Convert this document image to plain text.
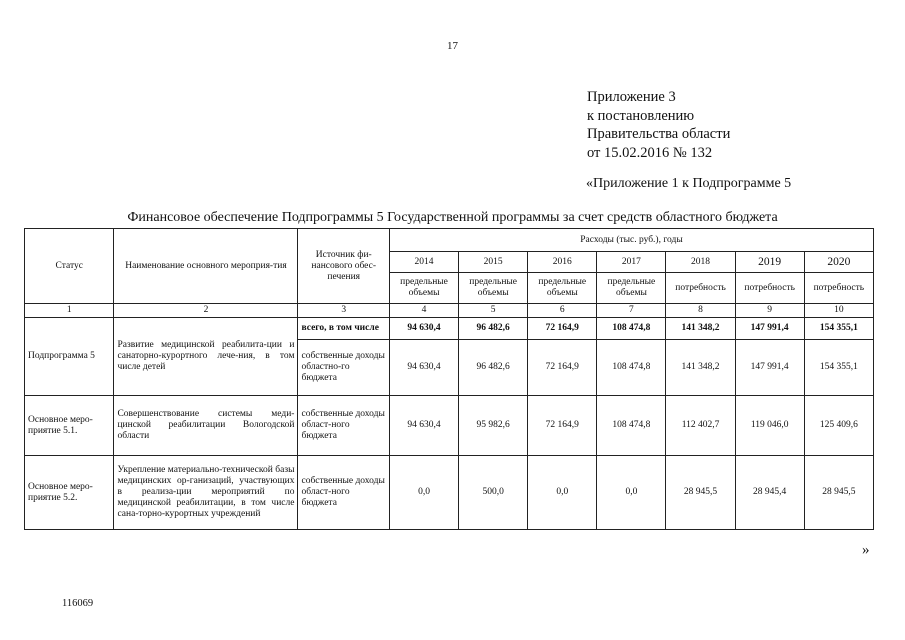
17
Приложение 3
к постановлению
Правительства области
от 15.02.2016 № 132
«Приложение 1 к Подпрограмме 5
Финансовое обеспечение Подпрограммы 5 Государственной программы за счет средств областного бюджета
Статус	Наименование основного мероприя-тия	Источник фи-нансового обес-печения	Расходы (тыс. руб.), годы						
			2014	2015	2016	2017	2018	2019	2020
			предельные объемы	предельные объемы	предельные объемы	предельные объемы	потребность	потребность	потребность
1	2	3	4	5	6	7	8	9	10
Подпрограмма 5	Развитие медицинской реабилита-ции и санаторно-курортного лече-ния, в том числе детей	всего, в том числе	94 630,4	96 482,6	72 164,9	108 474,8	141 348,2	147 991,4	154 355,1
		собственные доходы областно-го бюджета	94 630,4	96 482,6	72 164,9	108 474,8	141 348,2	147 991,4	154 355,1
Основное меро-приятие 5.1.	Совершенствование системы меди-цинской реабилитации Вологодской области	собственные доходы област-ного бюджета	94 630,4	95 982,6	72 164,9	108 474,8	112 402,7	119 046,0	125 409,6
Основное меро-приятие 5.2.	Укрепление материально-технической базы медицинских ор-ганизаций, участвующих в реализа-ции мероприятий по медицинской реабилитации, в том числе сана-торно-курортных учреждений	собственные доходы област-ного бюджета	0,0	500,0	0,0	0,0	28 945,5	28 945,4	28 945,5
»
116069
